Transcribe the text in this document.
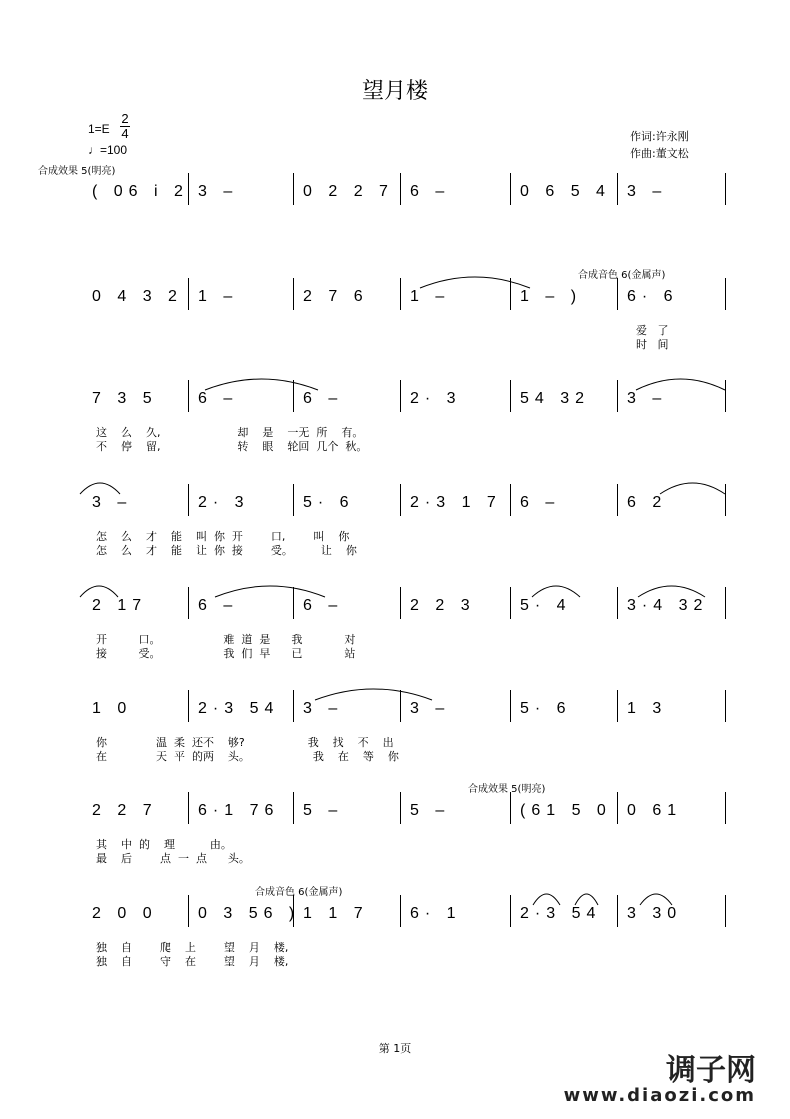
望月楼
1=E
2
4
♩=100
合成效果 5(明亮)
作词:许永刚
作曲:董文松
( 06 i 2 3 –	0 2 2 7 6 –	0 6 5 4 3 –
0 4 3 2 1 –	2 7 6	1 –	1 – )	6· 6
合成音色 6(金属声)
爱   了
时   间
7 3 5	6 –	6 –	2· 3	54 32 3 –
这    么    久,                      却    是    一无  所    有。
不    停    留,                      转    眼    轮回  几个  秋。
3 –	2· 3	5· 6	2·3 1 7 6 –	6 2
怎    么    才    能    叫  你  开        口,        叫    你
怎    么    才    能    让  你  接        受。        让    你
2 17	6 –	6 –	2 2 3	5· 4	3·4 32
开         口。                  难  道  是      我            对
接         受。                  我  们  早      已            站
1 0	2·3 54 3 –	3 –	5· 6	1 3
你              温  柔  还不    够?                  我    找    不    出
在              天  平  的两    头。                  我    在    等    你
2 2 7	6·1 76 5 –	5 –	(61 5 0 0 61
合成效果 5(明亮)
其    中  的    理          由。
最    后        点  一  点      头。
2 0 0	0 3 56 ) 1 1 7	6· 1	2·3 54 3 30
合成音色 6(金属声)
独    自        爬    上        望    月    楼,
独    自        守    在        望    月    楼,
第 1页
调子网
www.diaozi.com
